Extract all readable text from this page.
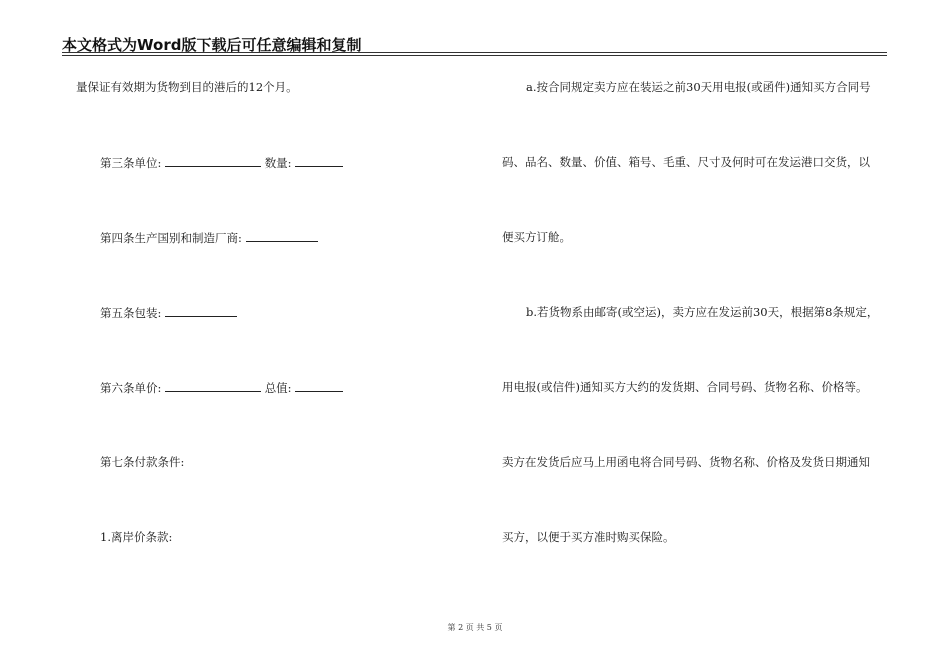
本文格式为Word版下载后可任意编辑和复制
量保证有效期为货物到目的港后的12个月。
第三条单位:	数量:
第四条生产国别和制造厂商:
第五条包装:
第六条单价:	总值:
第七条付款条件:
1.离岸价条款:
a.按合同规定卖方应在装运之前30天用电报(或函件)通知买方合同号
码、品名、数量、价值、箱号、毛重、尺寸及何时可在发运港口交货，以
便买方订舱。
b.若货物系由邮寄(或空运)，卖方应在发运前30天，根据第8条规定，
用电报(或信件)通知买方大约的发货期、合同号码、货物名称、价格等。
卖方在发货后应马上用函电将合同号码、货物名称、价格及发货日期通知
买方，以便于买方准时购买保险。
第 2 页 共 5 页
